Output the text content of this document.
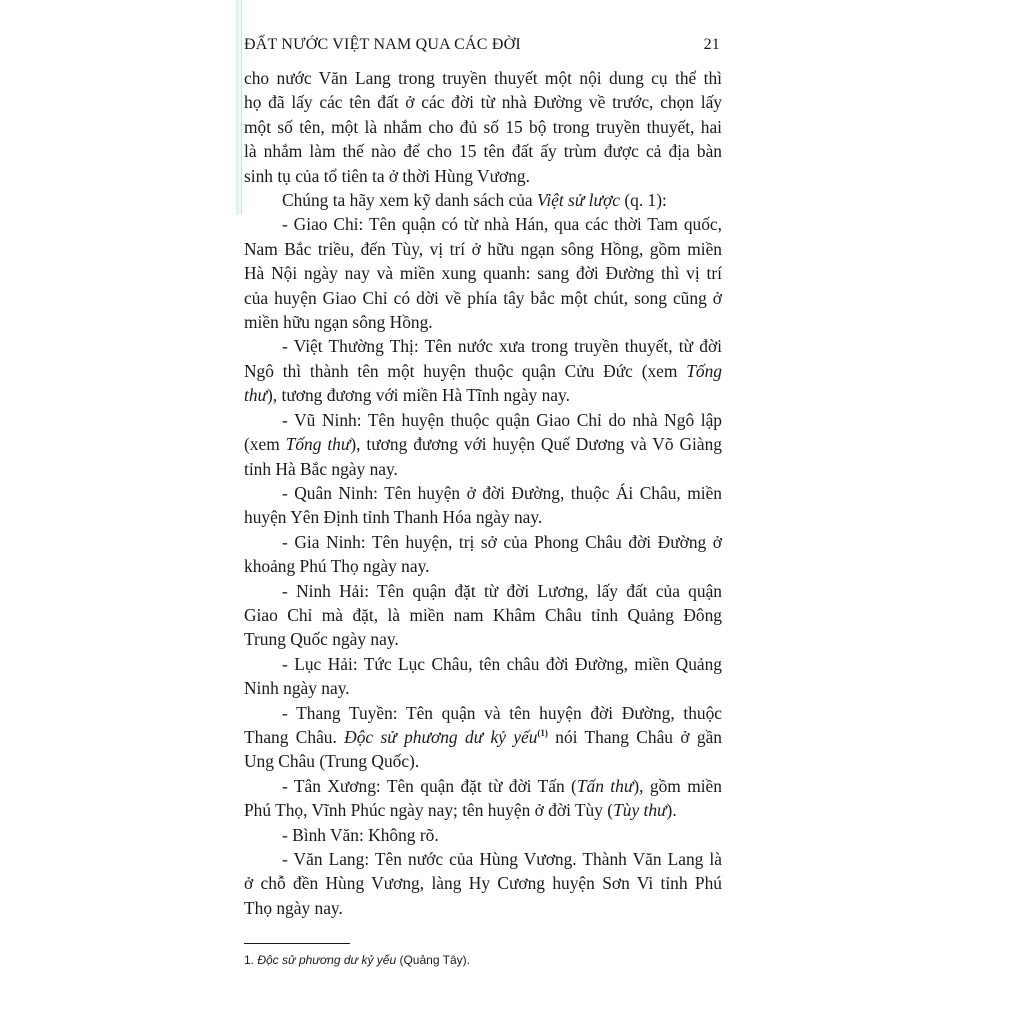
ĐẤT NƯỚC VIỆT NAM QUA CÁC ĐỜI	21

cho nước Văn Lang trong truyền thuyết một nội dung cụ thể thì
họ đã lấy các tên đất ở các đời từ nhà Đường về trước, chọn lấy
một số tên, một là nhắm cho đủ số 15 bộ trong truyền thuyết, hai
là nhắm làm thế nào để cho 15 tên đất ấy trùm được cả địa bàn
sinh tụ của tổ tiên ta ở thời Hùng Vương.

Chúng ta hãy xem kỹ danh sách của Việt sử lược (q. 1):

- Giao Chỉ: Tên quận có từ nhà Hán, qua các thời Tam quốc,
Nam Bắc triều, đến Tùy, vị trí ở hữu ngạn sông Hồng, gồm miền
Hà Nội ngày nay và miền xung quanh: sang đời Đường thì vị trí
của huyện Giao Chỉ có dời về phía tây bắc một chút, song cũng ở
miền hữu ngạn sông Hồng.

- Việt Thường Thị: Tên nước xưa trong truyền thuyết, từ đời
Ngô thì thành tên một huyện thuộc quận Cửu Đức (xem Tống
thư), tương đương với miền Hà Tĩnh ngày nay.

- Vũ Ninh: Tên huyện thuộc quận Giao Chỉ do nhà Ngô lập
(xem Tống thư), tương đương với huyện Quế Dương và Võ Giàng
tỉnh Hà Bắc ngày nay.

- Quân Ninh: Tên huyện ở đời Đường, thuộc Ái Châu, miền
huyện Yên Định tỉnh Thanh Hóa ngày nay.

- Gia Ninh: Tên huyện, trị sở của Phong Châu đời Đường ở
khoảng Phú Thọ ngày nay.

- Ninh Hải: Tên quận đặt từ đời Lương, lấy đất của quận
Giao Chỉ mà đặt, là miền nam Khâm Châu tỉnh Quảng Đông
Trung Quốc ngày nay.

- Lục Hải: Tức Lục Châu, tên châu đời Đường, miền Quảng
Ninh ngày nay.

- Thang Tuyền: Tên quận và tên huyện đời Đường, thuộc
Thang Châu. Độc sử phương dư kỷ yếu$^{(1)}$ nói Thang Châu ở gần
Ung Châu (Trung Quốc).

- Tân Xương: Tên quận đặt từ đời Tấn (Tấn thư), gồm miền
Phú Thọ, Vĩnh Phúc ngày nay; tên huyện ở đời Tùy (Tùy thư).

- Bình Văn: Không rõ.

- Văn Lang: Tên nước của Hùng Vương. Thành Văn Lang là
ở chỗ đền Hùng Vương, làng Hy Cương huyện Sơn Vi tỉnh Phú
Thọ ngày nay.

1. Độc sử phương dư kỷ yếu (Quảng Tây).
